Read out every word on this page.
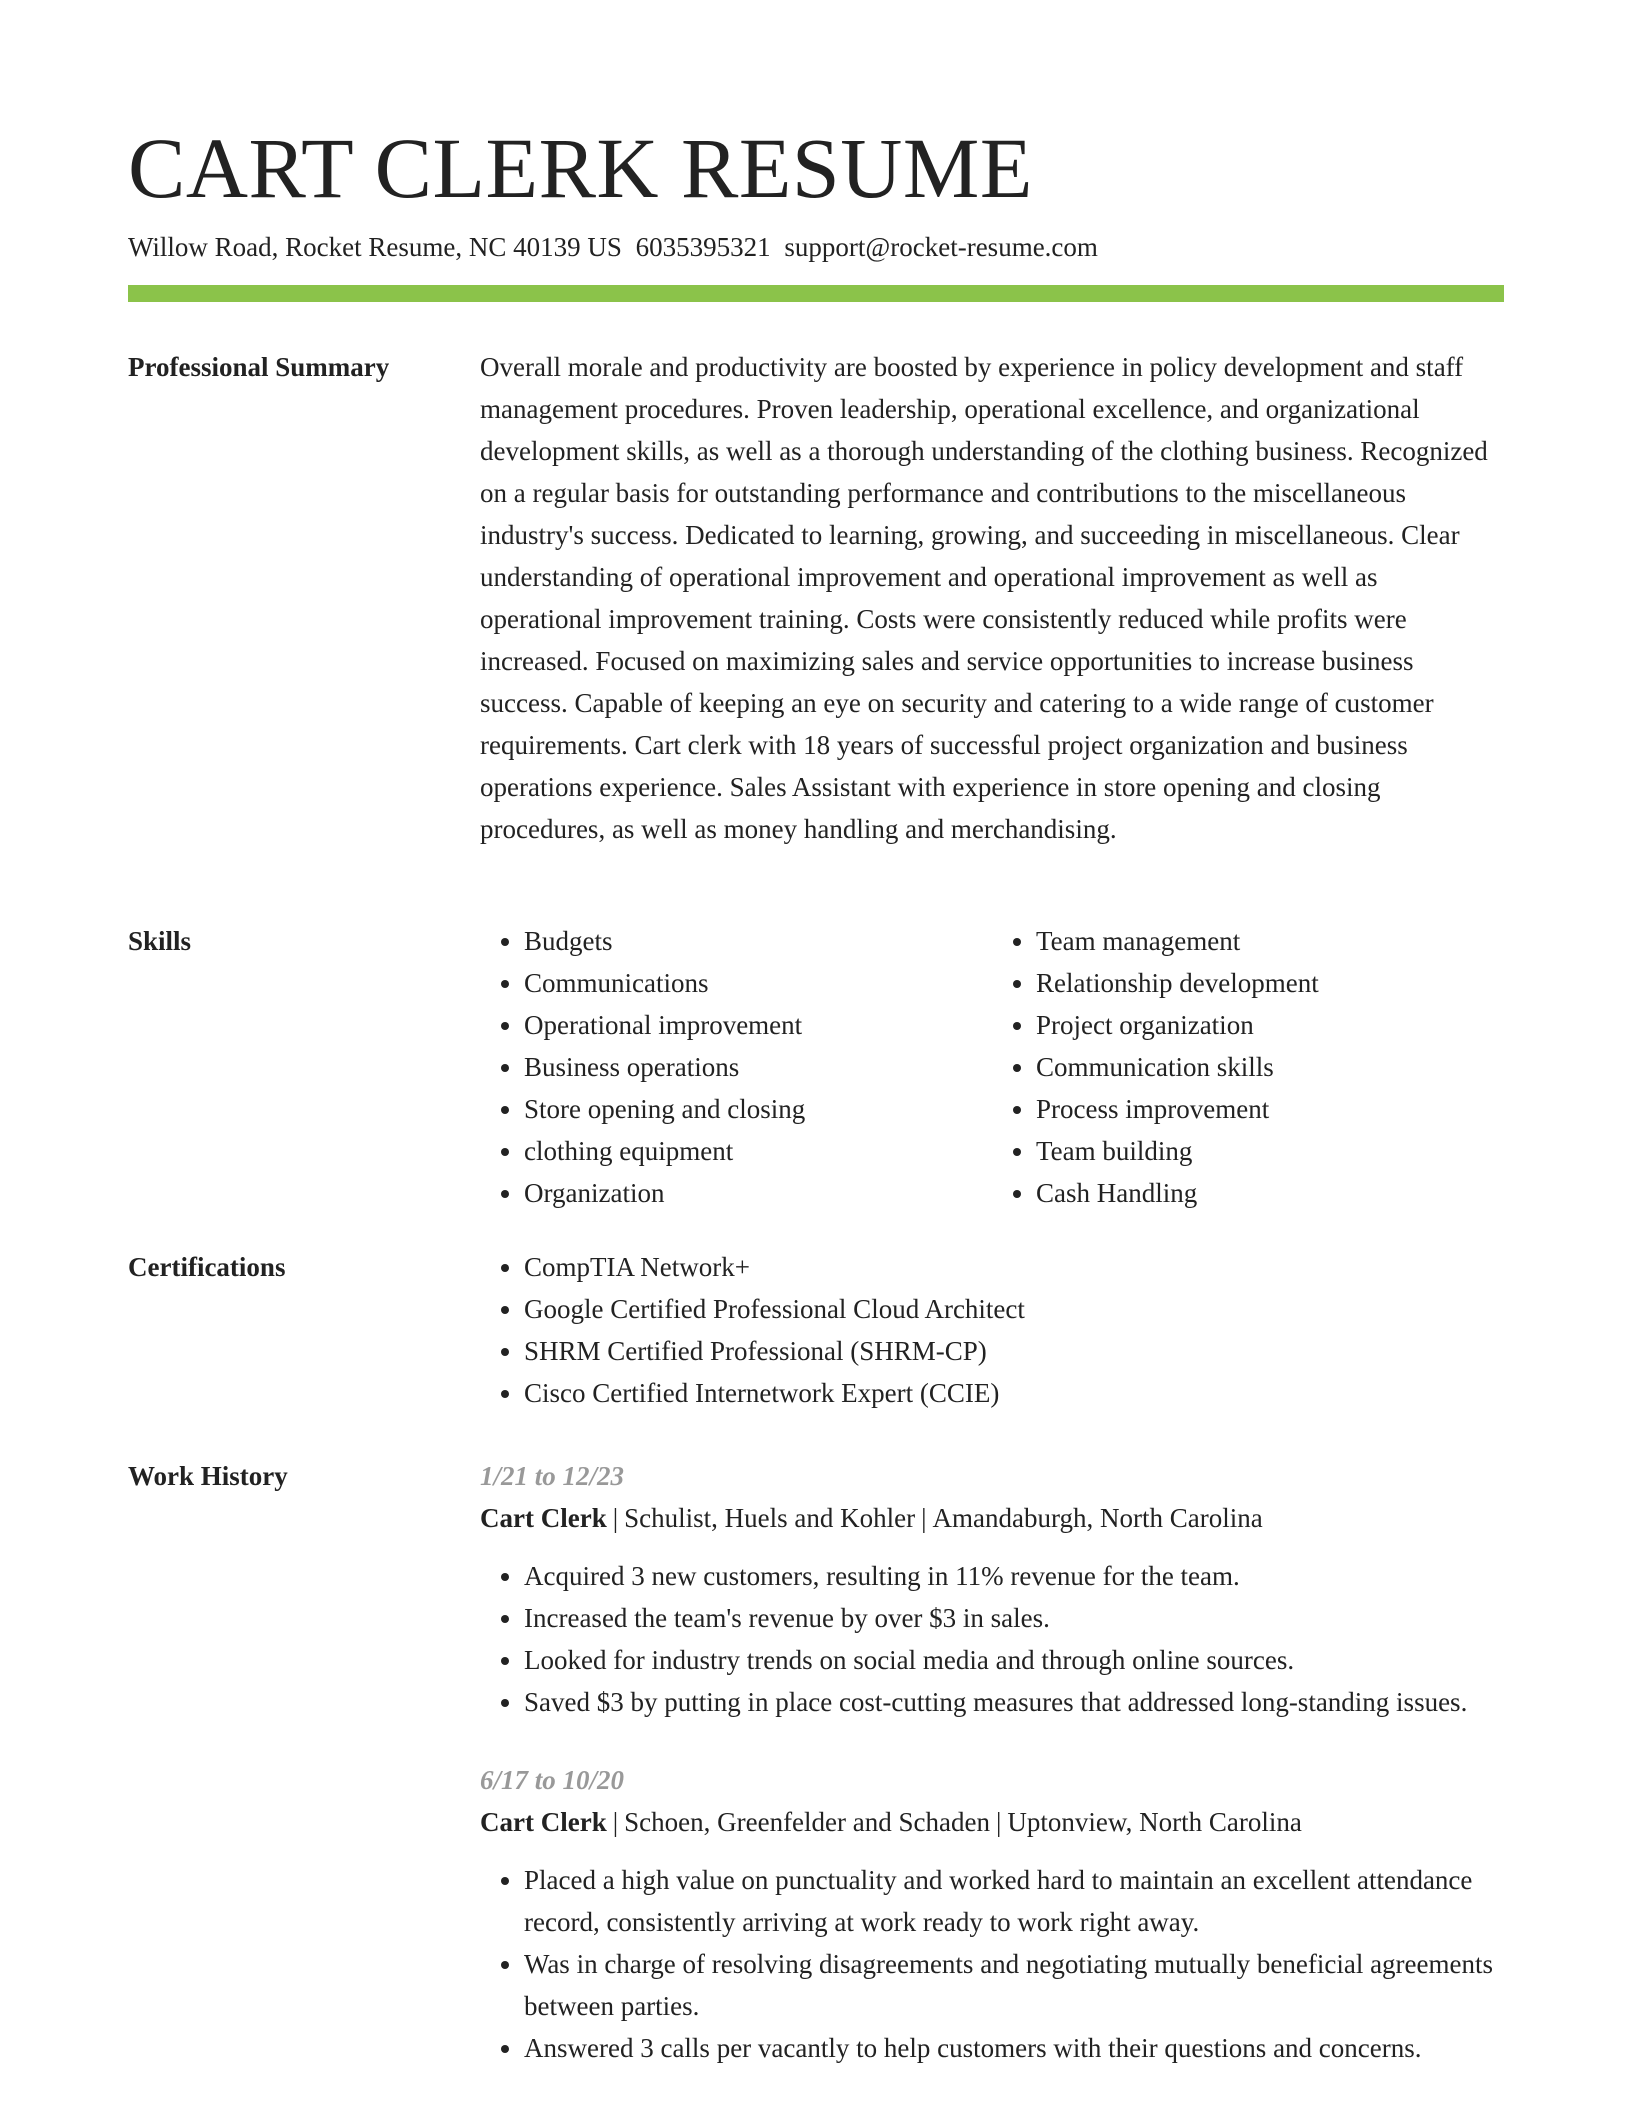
CART CLERK RESUME
Willow Road, Rocket Resume, NC 40139 US 6035395321 support@rocket-resume.com
Professional Summary	Overall morale and productivity are boosted by experience in policy development and staff management procedures. Proven leadership, operational excellence, and organizational development skills, as well as a thorough understanding of the clothing business. Recognized on a regular basis for outstanding performance and contributions to the miscellaneous industry's success. Dedicated to learning, growing, and succeeding in miscellaneous. Clear understanding of operational improvement and operational improvement as well as operational improvement training. Costs were consistently reduced while profits were increased. Focused on maximizing sales and service opportunities to increase business success. Capable of keeping an eye on security and catering to a wide range of customer requirements. Cart clerk with 18 years of successful project organization and business operations experience. Sales Assistant with experience in store opening and closing procedures, as well as money handling and merchandising.

Skills	• Budgets
• Communications
• Operational improvement
• Business operations
• Store opening and closing
• clothing equipment
• Organization
• Team management
• Relationship development
• Project organization
• Communication skills
• Process improvement
• Team building
• Cash Handling
Certifications	• CompTIA Network+
• Google Certified Professional Cloud Architect
• SHRM Certified Professional (SHRM-CP)
• Cisco Certified Internetwork Expert (CCIE)
Work History	1/21 to 12/23
Cart Clerk | Schulist, Huels and Kohler | Amandaburgh, North Carolina
• Acquired 3 new customers, resulting in 11% revenue for the team.
• Increased the team's revenue by over $3 in sales.
• Looked for industry trends on social media and through online sources.
• Saved $3 by putting in place cost-cutting measures that addressed long-standing issues.
6/17 to 10/20
Cart Clerk | Schoen, Greenfelder and Schaden | Uptonview, North Carolina
• Placed a high value on punctuality and worked hard to maintain an excellent attendance record, consistently arriving at work ready to work right away.
• Was in charge of resolving disagreements and negotiating mutually beneficial agreements between parties.
• Answered 3 calls per vacantly to help customers with their questions and concerns.
